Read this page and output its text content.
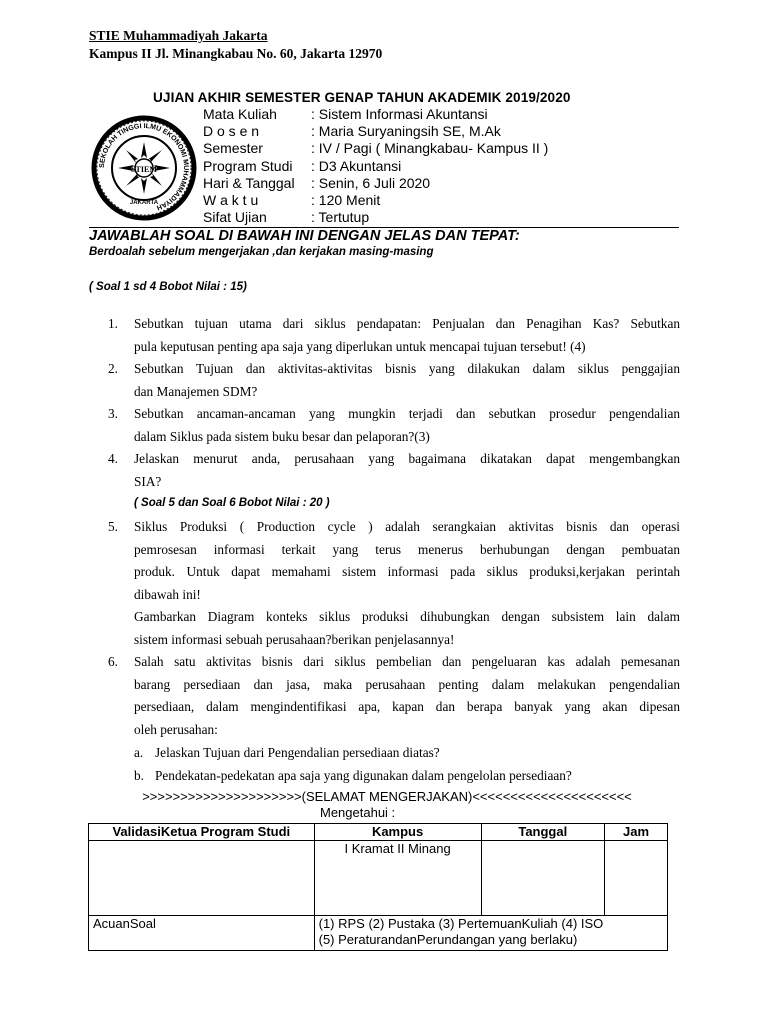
STIE Muhammadiyah Jakarta
Kampus II Jl. Minangkabau No. 60, Jakarta 12970
UJIAN AKHIR SEMESTER GENAP TAHUN AKADEMIK 2019/2020
SEKOLAH TINGGI ILMU EKONOMI MUHAMMADIYAH
STIEM
JAKARTA
Mata Kuliah : Sistem Informasi Akuntansi
D o s e n	: Maria Suryaningsih SE, M.Ak
Semester	: IV / Pagi ( Minangkabau- Kampus II )
Program Studi : D3 Akuntansi
Hari & Tanggal : Senin, 6 Juli 2020
W a k t u	: 120 Menit
Sifat Ujian	: Tertutup
JAWABLAH SOAL DI BAWAH INI DENGAN JELAS DAN TEPAT:
Berdoalah sebelum mengerjakan ,dan kerjakan masing-masing
( Soal 1 sd 4 Bobot Nilai : 15)
( Soal 5 dan Soal 6 Bobot Nilai : 20 )
1. Sebutkan tujuan utama dari siklus pendapatan: Penjualan dan Penagihan Kas? Sebutkan
pula keputusan penting apa saja yang diperlukan untuk mencapai tujuan tersebut! (4)
2. Sebutkan Tujuan dan aktivitas-aktivitas bisnis yang dilakukan dalam siklus penggajian
dan Manajemen SDM?
3. Sebutkan ancaman-ancaman yang mungkin terjadi dan sebutkan prosedur pengendalian
dalam Siklus pada sistem buku besar dan pelaporan?(3)
4. Jelaskan menurut anda, perusahaan yang bagaimana dikatakan dapat mengembangkan
SIA?
5. Siklus Produksi ( Production cycle ) adalah serangkaian aktivitas bisnis dan operasi
pemrosesan informasi terkait yang terus menerus berhubungan dengan pembuatan
produk. Untuk dapat memahami sistem informasi pada siklus produksi,kerjakan perintah
dibawah ini!
Gambarkan Diagram konteks siklus produksi dihubungkan dengan subsistem lain dalam
sistem informasi sebuah perusahaan?berikan penjelasannya!
6. Salah satu aktivitas bisnis dari siklus pembelian dan pengeluaran kas adalah pemesanan
barang persediaan dan jasa, maka perusahaan penting dalam melakukan pengendalian
persediaan, dalam mengindentifikasi apa, kapan dan berapa banyak yang akan dipesan
oleh perusahan:
a. Jelaskan Tujuan dari Pengendalian persediaan diatas?
b. Pendekatan-pedekatan apa saja yang digunakan dalam pengelolan persediaan?
>>>>>>>>>>>>>>>>>>>>>(SELAMAT MENGERJAKAN)<<<<<<<<<<<<<<<<<<<<<
Mengetahui :
ValidasiKetua Program Studi	Kampus	Tanggal	Jam
	I Kramat II Minang		
AcuanSoal	(1) RPS (2) Pustaka (3) PertemuanKuliah (4) ISO
(5) PeraturandanPerundangan yang berlaku)		
